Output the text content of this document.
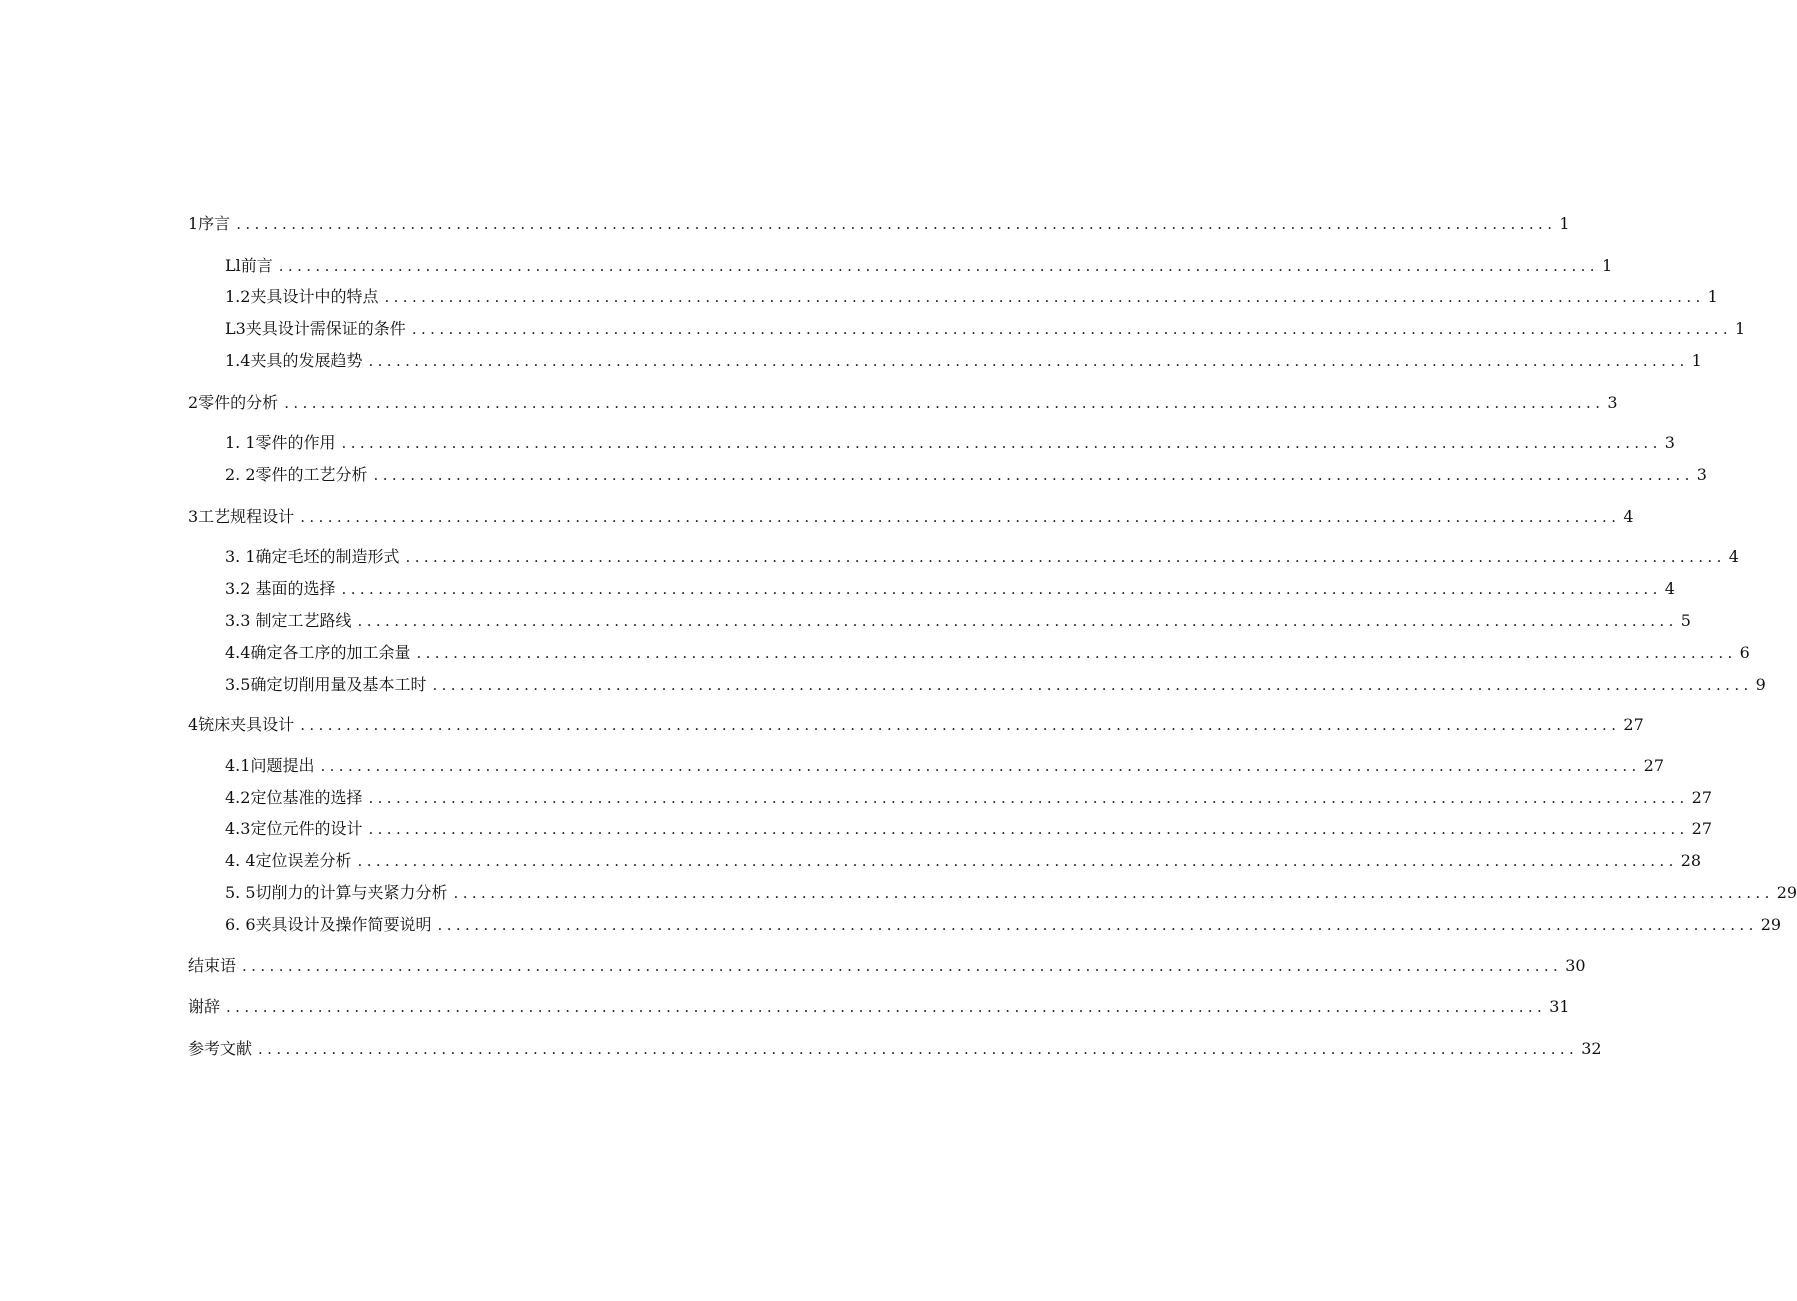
1序言 .....	1
Ll前言 .....	1
1.2夹具设计中的特点 .....	1
L3夹具设计需保证的条件 .....	1
1.4夹具的发展趋势 .....	1
2零件的分析 .....	3
1. 1零件的作用 .....	3
2. 2零件的工艺分析 .....	3
3工艺规程设计 .....	4
3. 1确定毛坯的制造形式 .....	4
3.2 基面的选择 .....	4
3.3 制定工艺路线 .....	5
4.4确定各工序的加工余量 .....	6
3.5确定切削用量及基本工时 .....	9
4铳床夹具设计 .....	27
4.1问题提出 .....	27
4.2定位基准的选择 .....	27
4.3定位元件的设计 .....	27
4. 4定位误差分析 .....	28
5. 5切削力的计算与夹紧力分析 .....	29
6. 6夹具设计及操作简要说明 .....	29
结束语 .....	30
谢辞 .....	31
参考文献 .....	32
